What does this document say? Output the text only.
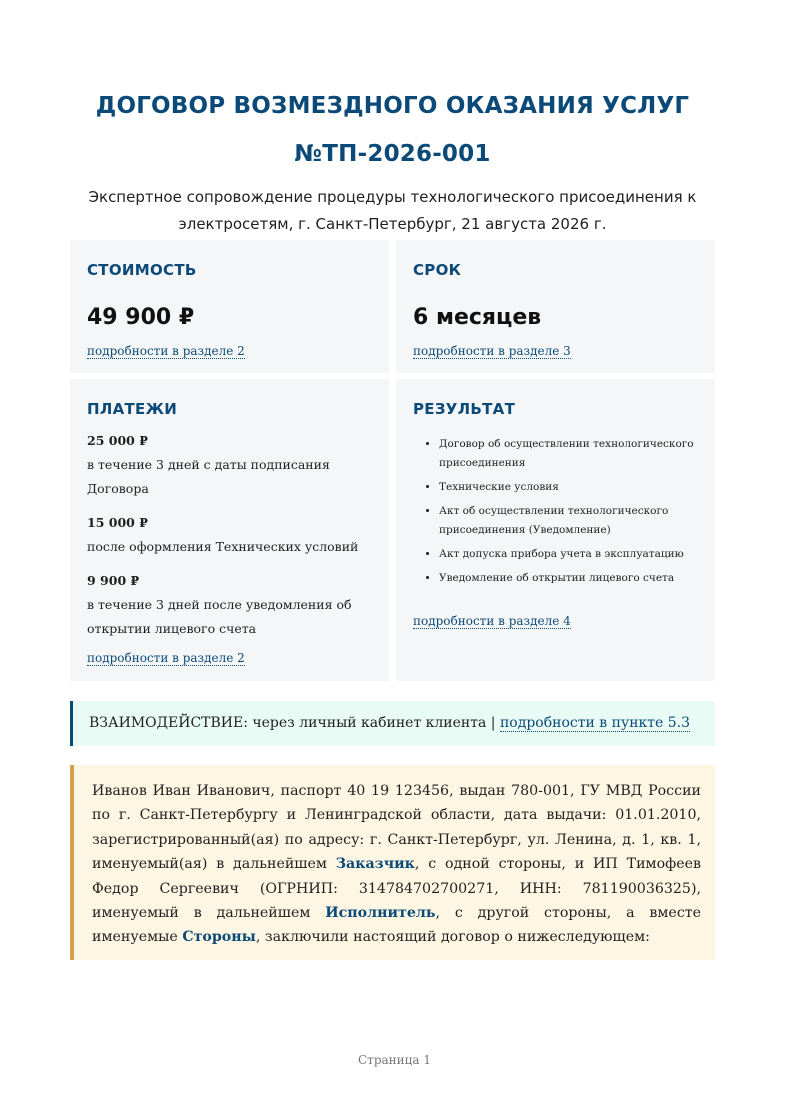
ДОГОВОР ВОЗМЕЗДНОГО ОКАЗАНИЯ УСЛУГ №ТП-2026-001

Экспертное сопровождение процедуры технологического присоединения к электросетям, г. Санкт-Петербург, 21 августа 2026 г.

СТОИМОСТЬ
49 900 ₽
подробности в разделе 2
СРОК
6 месяцев
подробности в разделе 3
ПЛАТЕЖИ
25 000 ₽
в течение 3 дней с даты подписания Договора
15 000 ₽
после оформления Технических условий
9 900 ₽
в течение 3 дней после уведомления об открытии лицевого счета
подробности в разделе 2
РЕЗУЛЬТАТ
• Договор об осуществлении технологического присоединения
• Технические условия
• Акт об осуществлении технологического присоединения (Уведомление)
• Акт допуска прибора учета в эксплуатацию
• Уведомление об открытии лицевого счета
подробности в разделе 4
ВЗАИМОДЕЙСТВИЕ: через личный кабинет клиента | подробности в пункте 5.3
Иванов Иван Иванович, паспорт 40 19 123456, выдан 780-001, ГУ МВД России по г. Санкт-Петербургу и Ленинградской области, дата выдачи: 01.01.2010, зарегистрированный(ая) по адресу: г. Санкт-Петербург, ул. Ленина, д. 1, кв. 1, именуемый(ая) в дальнейшем Заказчик, с одной стороны, и ИП Тимофеев Федор Сергеевич (ОГРНИП: 314784702700271, ИНН: 781190036325), именуемый в дальнейшем Исполнитель, с другой стороны, а вместе именуемые Стороны, заключили настоящий договор о нижеследующем:
Страница 1
